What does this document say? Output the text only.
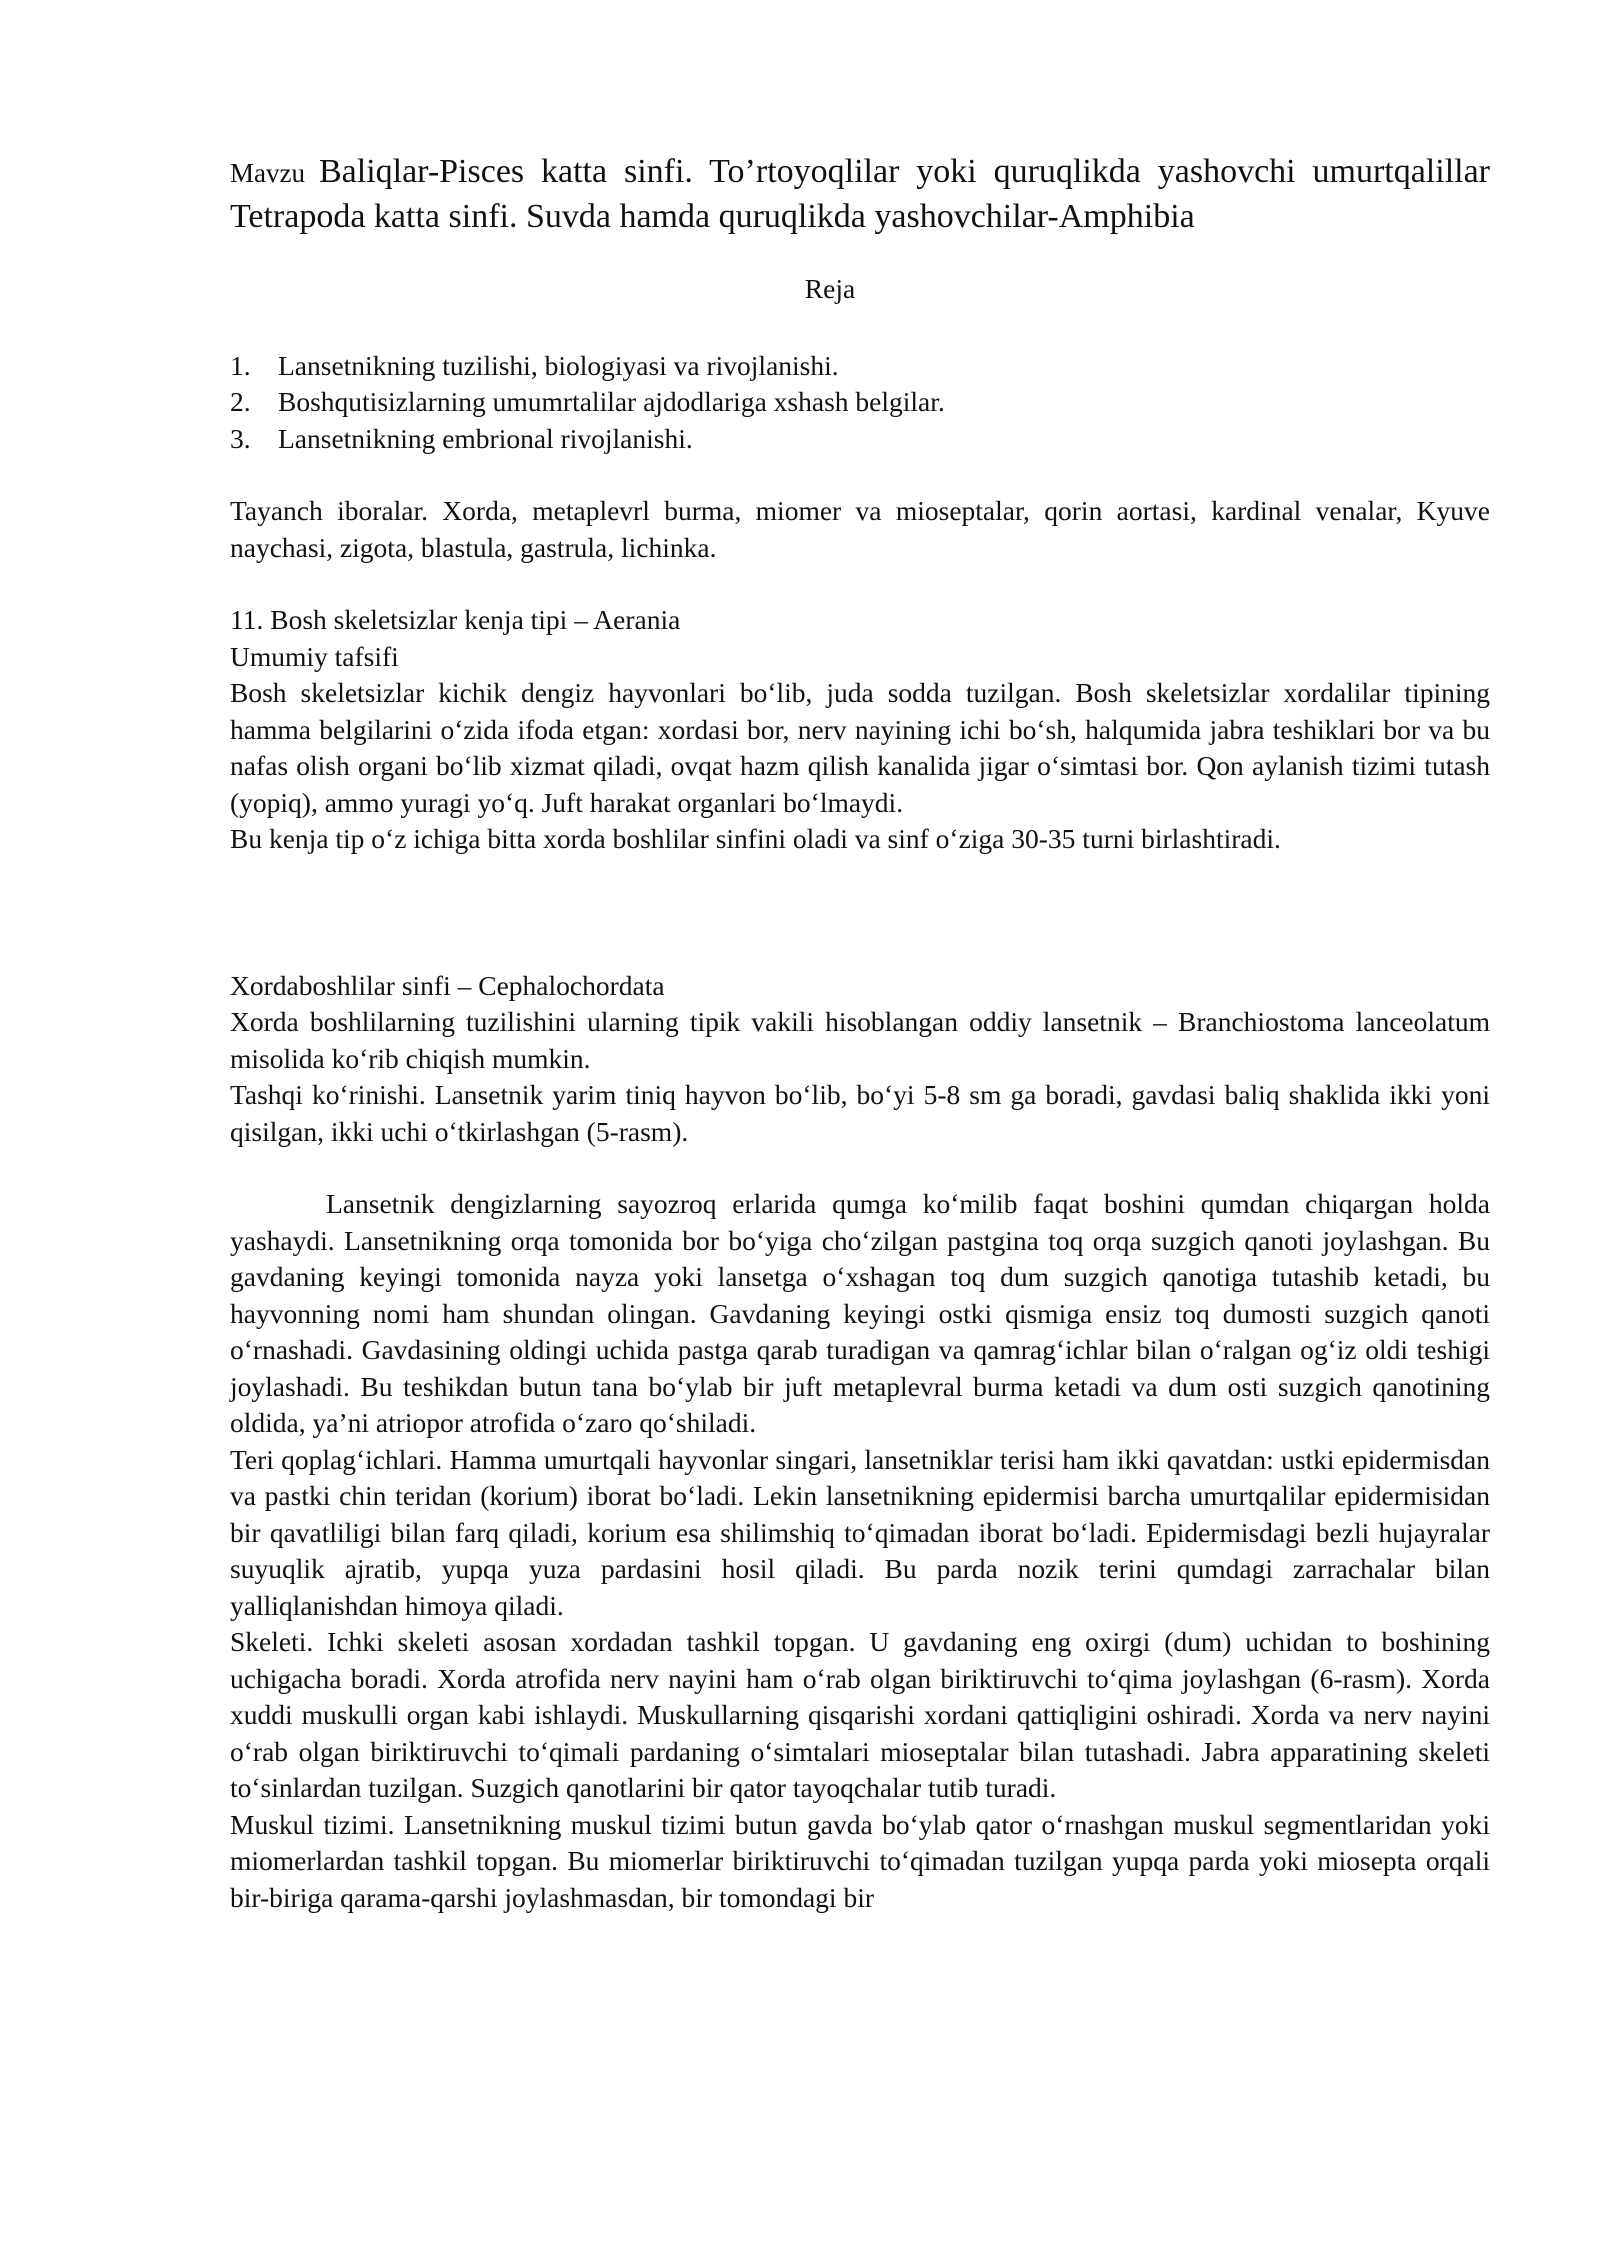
Mavzu Baliqlar-Pisces katta sinfi. To’rtoyoqlilar yoki quruqlikda yashovchi umurtqalillar Tetrapoda katta sinfi. Suvda hamda quruqlikda yashovchilar-Amphibia

Reja
1. Lansetnikning tuzilishi, biologiyasi va rivojlanishi.
2. Boshqutisizlarning umumrtalilar ajdodlariga xshash belgilar.
3. Lansetnikning embrional rivojlanishi.

Tayanch iboralar. Xorda, metaplevrl burma, miomer va mioseptalar, qorin aortasi, kardinal venalar, Kyuve naychasi, zigota, blastula, gastrula, lichinka.

11. Bosh skeletsizlar kenja tipi – Aerania

Umumiy tafsifi

Bosh skeletsizlar kichik dengiz hayvonlari bo‘lib, juda sodda tuzilgan. Bosh skeletsizlar xordalilar tipining hamma belgilarini o‘zida ifoda etgan: xordasi bor, nerv nayining ichi bo‘sh, halqumida jabra teshiklari bor va bu nafas olish organi bo‘lib xizmat qiladi, ovqat hazm qilish kanalida jigar o‘simtasi bor. Qon aylanish tizimi tutash (yopiq), ammo yuragi yo‘q. Juft harakat organlari bo‘lmaydi.

Bu kenja tip o‘z ichiga bitta xorda boshlilar sinfini oladi va sinf o‘ziga 30-35 turni birlashtiradi.

Xordaboshlilar sinfi – Cephalochordata

Xorda boshlilarning tuzilishini ularning tipik vakili hisoblangan oddiy lansetnik – Branchiostoma lanceolatum misolida ko‘rib chiqish mumkin.

Tashqi ko‘rinishi. Lansetnik yarim tiniq hayvon bo‘lib, bo‘yi 5-8 sm ga boradi, gavdasi baliq shaklida ikki yoni qisilgan, ikki uchi o‘tkirlashgan (5-rasm).

Lansetnik dengizlarning sayozroq erlarida qumga ko‘milib faqat boshini qumdan chiqargan holda yashaydi. Lansetnikning orqa tomonida bor bo‘yiga cho‘zilgan pastgina toq orqa suzgich qanoti joylashgan. Bu gavdaning keyingi tomonida nayza yoki lansetga o‘xshagan toq dum suzgich qanotiga tutashib ketadi, bu hayvonning nomi ham shundan olingan. Gavdaning keyingi ostki qismiga ensiz toq dumosti suzgich qanoti o‘rnashadi. Gavdasining oldingi uchida pastga qarab turadigan va qamrag‘ichlar bilan o‘ralgan og‘iz oldi teshigi joylashadi. Bu teshikdan butun tana bo‘ylab bir juft metaplevral burma ketadi va dum osti suzgich qanotining oldida, ya’ni atriopor atrofida o‘zaro qo‘shiladi.

Teri qoplag‘ichlari. Hamma umurtqali hayvonlar singari, lansetniklar terisi ham ikki qavatdan: ustki epidermisdan va pastki chin teridan (korium) iborat bo‘ladi. Lekin lansetnikning epidermisi barcha umurtqalilar epidermisidan bir qavatliligi bilan farq qiladi, korium esa shilimshiq to‘qimadan iborat bo‘ladi. Epidermisdagi bezli hujayralar suyuqlik ajratib, yupqa yuza pardasini hosil qiladi. Bu parda nozik terini qumdagi zarrachalar bilan yalliqlanishdan himoya qiladi.

Skeleti. Ichki skeleti asosan xordadan tashkil topgan. U gavdaning eng oxirgi (dum) uchidan to boshining uchigacha boradi. Xorda atrofida nerv nayini ham o‘rab olgan biriktiruvchi to‘qima joylashgan (6-rasm). Xorda xuddi muskulli organ kabi ishlaydi. Muskullarning qisqarishi xordani qattiqligini oshiradi. Xorda va nerv nayini o‘rab olgan biriktiruvchi to‘qimali pardaning o‘simtalari mioseptalar bilan tutashadi. Jabra apparatining skeleti to‘sinlardan tuzilgan. Suzgich qanotlarini bir qator tayoqchalar tutib turadi.

Muskul tizimi. Lansetnikning muskul tizimi butun gavda bo‘ylab qator o‘rnashgan muskul segmentlaridan yoki miomerlardan tashkil topgan. Bu miomerlar biriktiruvchi to‘qimadan tuzilgan yupqa parda yoki miosepta orqali bir-biriga qarama-qarshi joylashmasdan, bir tomondagi bir
